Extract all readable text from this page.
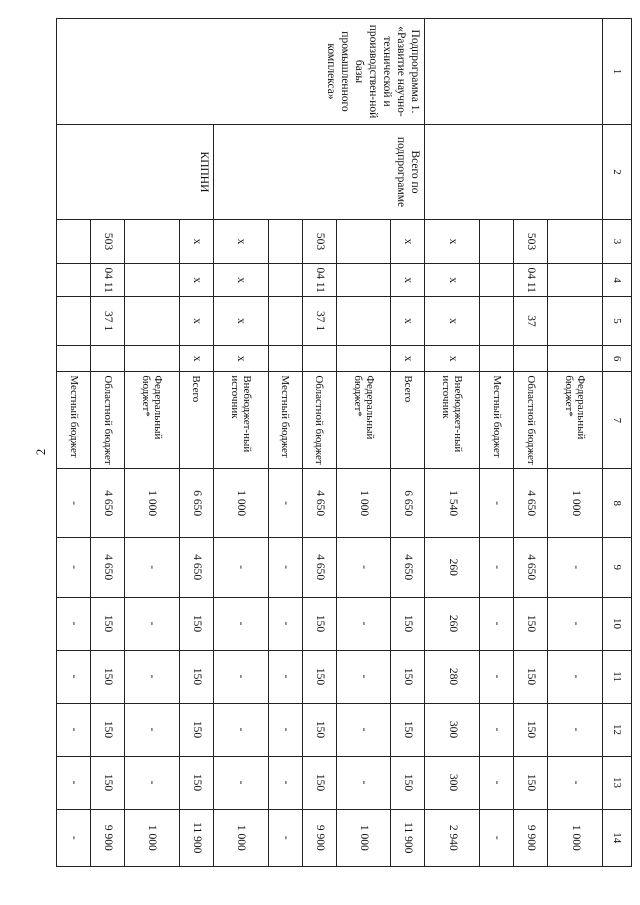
2
1	2	3	4	5	6	7	8	9	10	11	12	13	14
						Федеральный бюджет*	1 000	-	-	-	-	-	1 000
		503	04 11	37		Областной бюджет	4 650	4 650	150	150	150	150	9 900
						Местный бюджет	-	-	-	-	-	-	-
		х	х	х	х	Внебюджет-ный источник	1 540	260	260	280	300	300	2 940
Подпрограмма 1. «Развитие научно-технической и производствен-ной базы промышленного комплекса»	Всего по подпрограмме	х	х	х	х	Всего	6 650	4 650	150	150	150	150	11 900
						Федеральный бюджет*	1 000	-	-	-	-	-	1 000
		503	04 11	37 1		Областной бюджет	4 650	4 650	150	150	150	150	9 900
						Местный бюджет	-	-	-	-	-	-	-
		х	х	х	х	Внебюджет-ный источник	1 000	-	-	-	-	-	1 000
	КППНИ	х	х	х	х	Всего	6 650	4 650	150	150	150	150	11 900
						Федеральный бюджет*	1 000	-	-	-	-	-	1 000
		503	04 11	37 1		Областной бюджет	4 650	4 650	150	150	150	150	9 900
						Местный бюджет	-	-	-	-	-	-	-
